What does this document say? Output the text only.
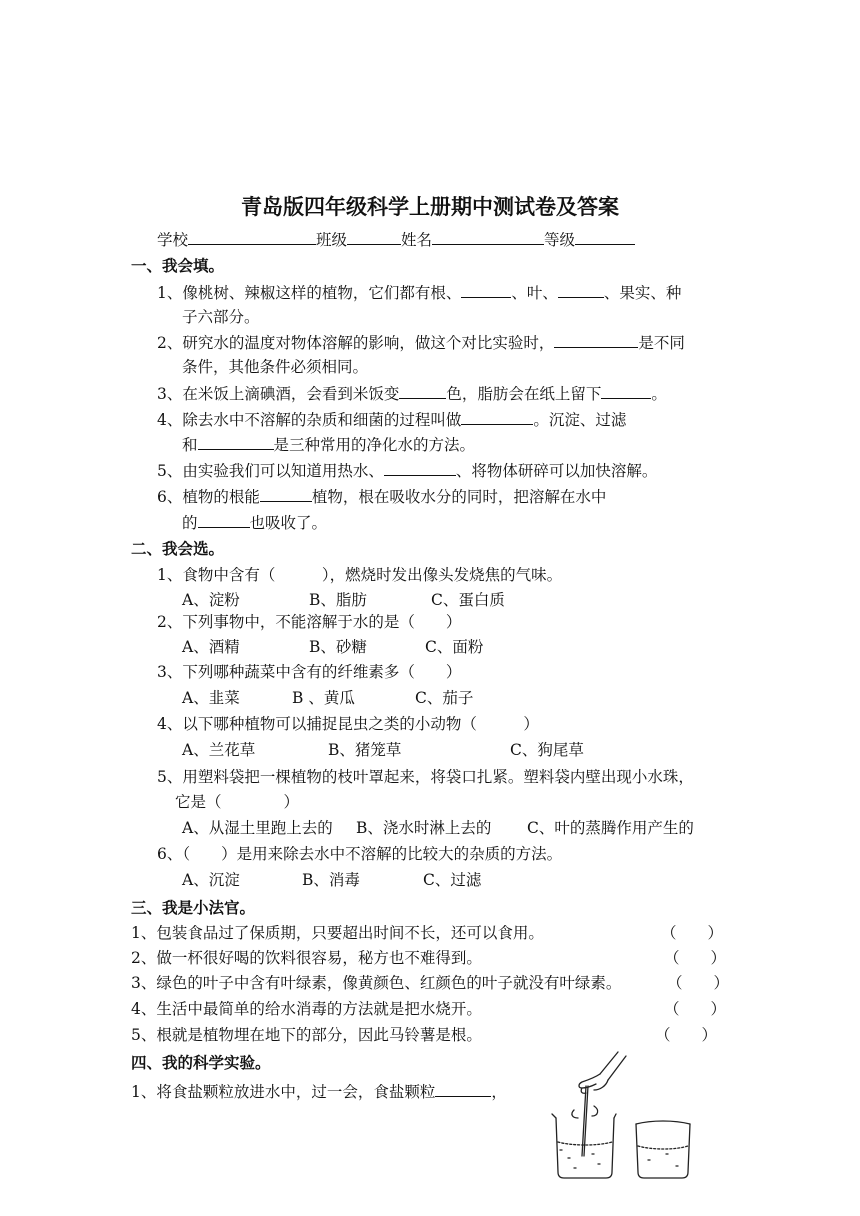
青岛版四年级科学上册期中测试卷及答案
学校	班级	姓名	等级
一、我会填。
1、像桃树、辣椒这样的植物，它们都有根、	、叶、	、果实、种
子六部分。
2、研究水的温度对物体溶解的影响，做这个对比实验时，	是不同
条件，其他条件必须相同。
3、在米饭上滴碘酒，会看到米饭变	色，脂肪会在纸上留下	。
4、除去水中不溶解的杂质和细菌的过程叫做	。沉淀、过滤
和	是三种常用的净化水的方法。
5、由实验我们可以知道用热水、	、将物体研碎可以加快溶解。
6、植物的根能	植物，根在吸收水分的同时，把溶解在水中
的	也吸收了。
二、我会选。
1、食物中含有（　　　），燃烧时发出像头发烧焦的气味。
A、淀粉	B、脂肪	C、蛋白质
2、下列事物中，不能溶解于水的是（　　）
A、酒精	B、砂糖	C、面粉
3、下列哪种蔬菜中含有的纤维素多（　　）
A、韭菜	B 、黄瓜	C、茄子
4、以下哪种植物可以捕捉昆虫之类的小动物（　　　）
A、兰花草	B、猪笼草	C、狗尾草
5、用塑料袋把一棵植物的枝叶罩起来，将袋口扎紧。塑料袋内壁出现小水珠，
它是（　　　　）
A、从湿土里跑上去的 B、浇水时淋上去的 C、叶的蒸腾作用产生的
6、（　　）是用来除去水中不溶解的比较大的杂质的方法。
A、沉淀	B、消毒	C、过滤
三、我是小法官。
1、包装食品过了保质期，只要超出时间不长，还可以食用。	（　　）
2、做一杯很好喝的饮料很容易，秘方也不难得到。	（　　）
3、绿色的叶子中含有叶绿素，像黄颜色、红颜色的叶子就没有叶绿素。	（　　）
4、生活中最简单的给水消毒的方法就是把水烧开。	（　　）
5、根就是植物埋在地下的部分，因此马铃薯是根。	（　　）
四、我的科学实验。
1、将食盐颗粒放进水中，过一会，食盐颗粒	，
